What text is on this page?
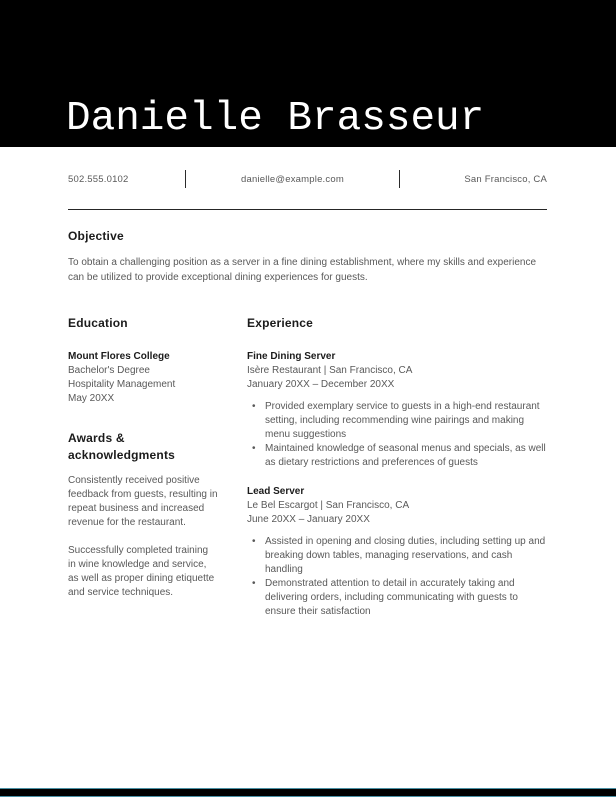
Danielle Brasseur
502.555.0102	danielle@example.com	San Francisco, CA
Objective

To obtain a challenging position as a server in a fine dining establishment, where my skills and experience can be utilized to provide exceptional dining experiences for guests.

Education

Mount Flores College

Bachelor's Degree

Hospitality Management

May 20XX

Awards & acknowledgments

Consistently received positive feedback from guests, resulting in repeat business and increased revenue for the restaurant.

Successfully completed training in wine knowledge and service, as well as proper dining etiquette and service techniques.

Experience

Fine Dining Server

Isère Restaurant | San Francisco, CA

January 20XX – December 20XX

• Provided exemplary service to guests in a high-end restaurant setting, including recommending wine pairings and making menu suggestions
• Maintained knowledge of seasonal menus and specials, as well as dietary restrictions and preferences of guests

Lead Server

Le Bel Escargot | San Francisco, CA

June 20XX – January 20XX

• Assisted in opening and closing duties, including setting up and breaking down tables, managing reservations, and cash handling
• Demonstrated attention to detail in accurately taking and delivering orders, including communicating with guests to ensure their satisfaction
